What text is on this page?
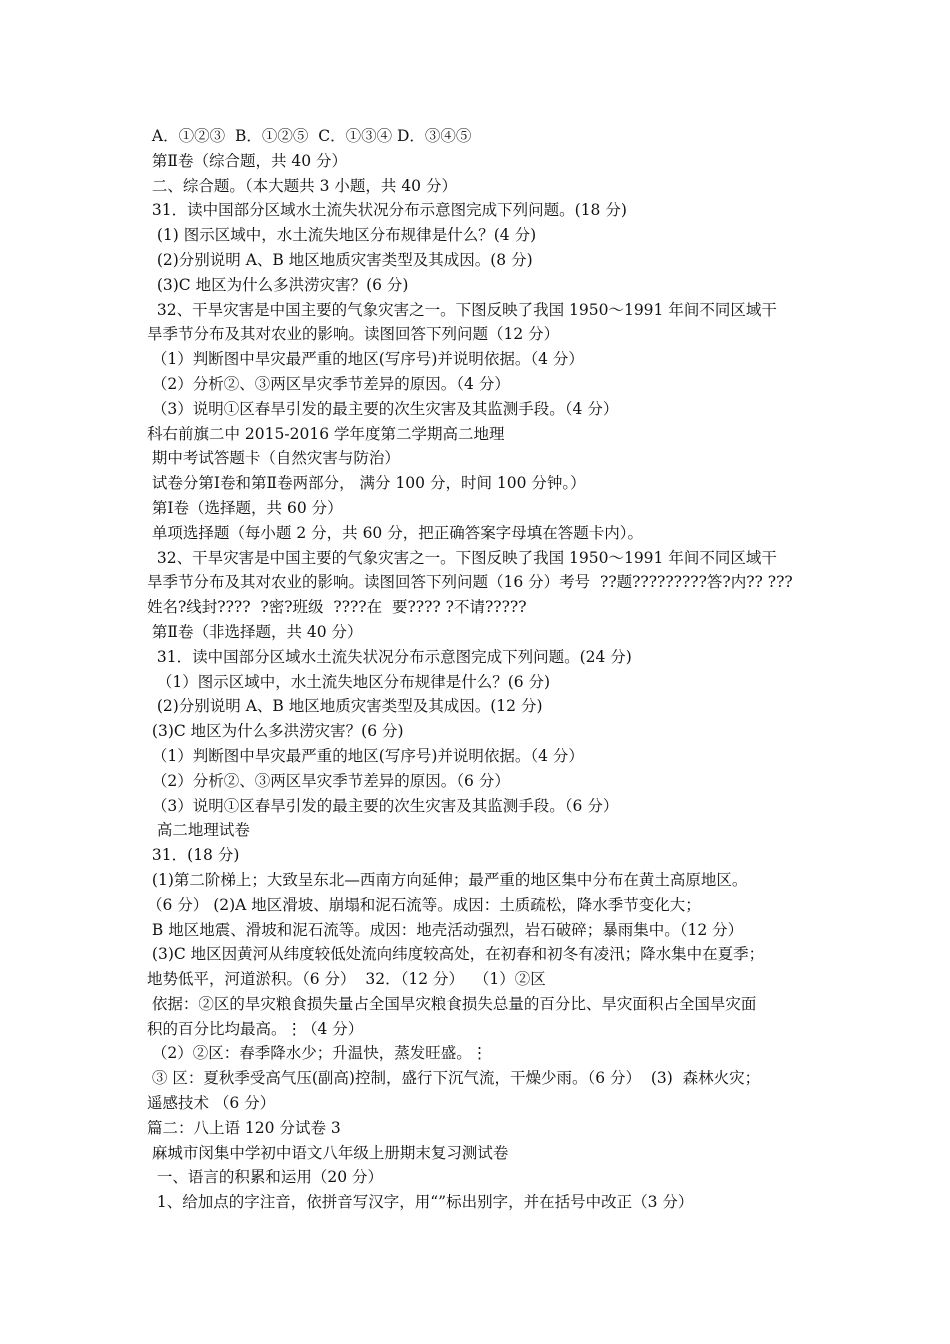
A．①②③  B．①②⑤  C．①③④ D．③④⑤
第Ⅱ卷（综合题，共 40 分）
二、综合题。（本大题共 3 小题，共 40 分）
31．读中国部分区域水土流失状况分布示意图完成下列问题。(18 分)
(1) 图示区域中，水土流失地区分布规律是什么？(4 分)
(2)分别说明 A、B 地区地质灾害类型及其成因。(8 分)
(3)C 地区为什么多洪涝灾害？(6 分)
32、干旱灾害是中国主要的气象灾害之一。下图反映了我国 1950～1991 年间不同区域干
旱季节分布及其对农业的影响。读图回答下列问题（12 分）
（1）判断图中旱灾最严重的地区(写序号)并说明依据。（4 分）
（2）分析②、③两区旱灾季节差异的原因。（4 分）
（3）说明①区春旱引发的最主要的次生灾害及其监测手段。（4 分）
科右前旗二中 2015-2016 学年度第二学期高二地理
期中考试答题卡（自然灾害与防治）
试卷分第Ⅰ卷和第Ⅱ卷两部分， 满分 100 分，时间 100 分钟。）
第Ⅰ卷（选择题，共 60 分）
单项选择题（每小题 2 分，共 60 分，把正确答案字母填在答题卡内）。
32、干旱灾害是中国主要的气象灾害之一。下图反映了我国 1950～1991 年间不同区域干
旱季节分布及其对农业的影响。读图回答下列问题（16 分）考号  ??题?????????答?内?? ???
姓名?线封????  ?密?班级  ????在  要???? ?不请?????
第Ⅱ卷（非选择题，共 40 分）
31．读中国部分区域水土流失状况分布示意图完成下列问题。(24 分)
（1）图示区域中，水土流失地区分布规律是什么？(6 分)
(2)分别说明 A、B 地区地质灾害类型及其成因。(12 分)
(3)C 地区为什么多洪涝灾害？(6 分)
（1）判断图中旱灾最严重的地区(写序号)并说明依据。（4 分）
（2）分析②、③两区旱灾季节差异的原因。（6 分）
（3）说明①区春旱引发的最主要的次生灾害及其监测手段。（6 分）
高二地理试卷
31．(18 分)
(1)第二阶梯上；大致呈东北—西南方向延伸；最严重的地区集中分布在黄土高原地区。
（6 分） (2)A 地区滑坡、崩塌和泥石流等。成因：土质疏松，降水季节变化大；
B 地区地震、滑坡和泥石流等。成因：地壳活动强烈，岩石破碎；暴雨集中。（12 分）
(3)C 地区因黄河从纬度较低处流向纬度较高处，在初春和初冬有凌汛；降水集中在夏季；
地势低平，河道淤积。（6 分）  32．（12 分）  （1）②区
依据：②区的旱灾粮食损失量占全国旱灾粮食损失总量的百分比、旱灾面积占全国旱灾面
积的百分比均最高。⋮（4 分）
（2）②区：春季降水少；升温快，蒸发旺盛。⋮
③ 区：夏秋季受高气压(副高)控制，盛行下沉气流，干燥少雨。（6 分）  (3)  森林火灾；
遥感技术 （6 分）
篇二：八上语 120 分试卷 3
麻城市闵集中学初中语文八年级上册期末复习测试卷
一、语言的积累和运用（20 分）
1、给加点的字注音，依拼音写汉字，用“”标出别字，并在括号中改正（3 分）
